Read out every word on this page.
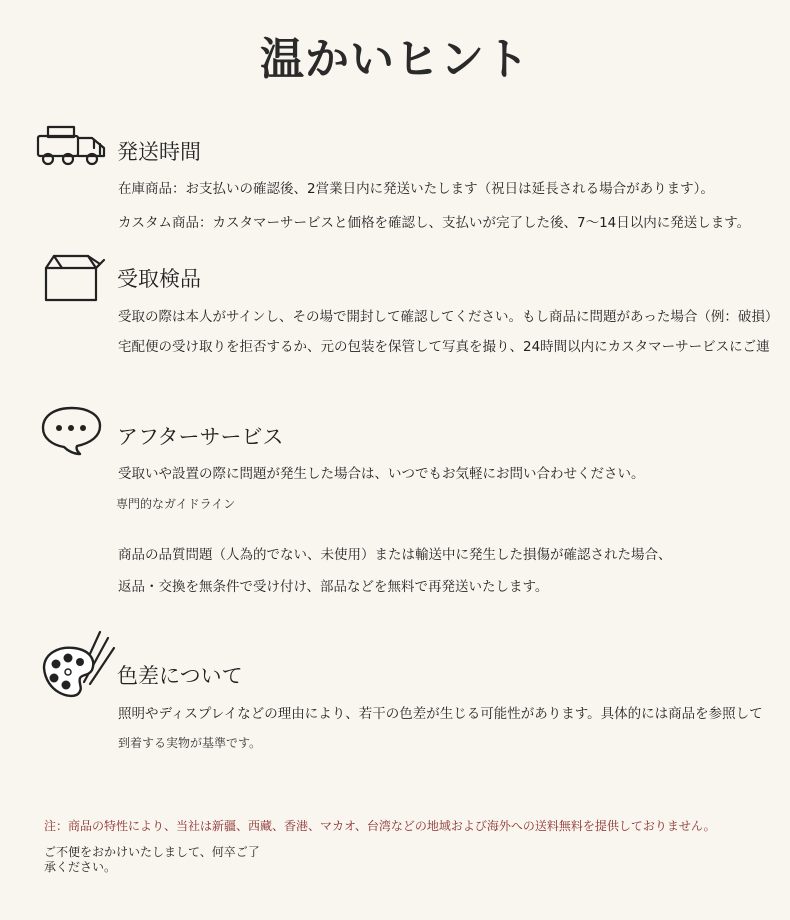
温かいヒント
発送時間
在庫商品：お支払いの確認後、2営業日内に発送いたします（祝日は延長される場合があります）。
カスタム商品：カスタマーサービスと価格を確認し、支払いが完了した後、7〜14日以内に発送します。
受取検品
受取の際は本人がサインし、その場で開封して確認してください。もし商品に問題があった場合（例：破損）
宅配便の受け取りを拒否するか、元の包装を保管して写真を撮り、24時間以内にカスタマーサービスにご連
アフターサービス
受取いや設置の際に問題が発生した場合は、いつでもお気軽にお問い合わせください。
専門的なガイドライン
商品の品質問題（人為的でない、未使用）または輸送中に発生した損傷が確認された場合、
返品・交換を無条件で受け付け、部品などを無料で再発送いたします。
色差について
照明やディスプレイなどの理由により、若干の色差が生じる可能性があります。具体的には商品を参照して
到着する実物が基準です。
注：商品の特性により、当社は新疆、西藏、香港、マカオ、台湾などの地域および海外への送料無料を提供しておりません。
ご不便をおかけいたしまして、何卒ご了
承ください。
